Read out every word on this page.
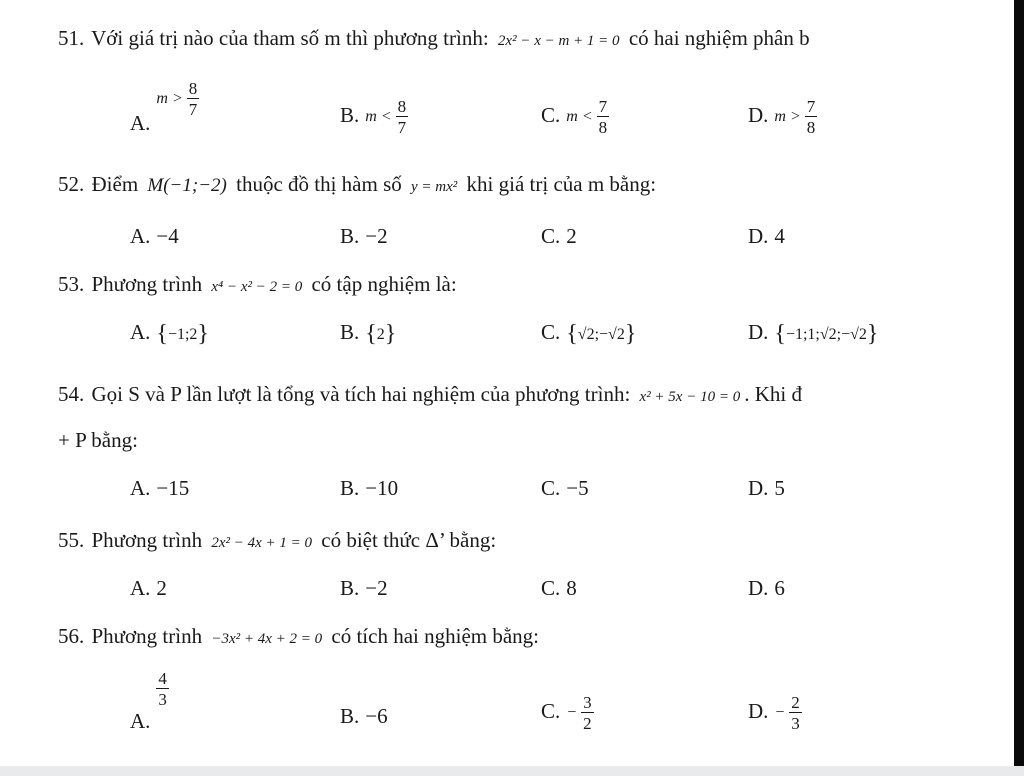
51. Với giá trị nào của tham số m thì phương trình: 2x² − x − m + 1 = 0 có hai nghiệm phân b
$A.m > \frac{8}{7}$	B. $m < \frac{8}{7}$	C. $m < \frac{7}{8}$	D. $m > \frac{7}{8}$
52. Điểm M(−1;−2) thuộc đồ thị hàm số y = mx² khi giá trị của m bằng:
A. −4	B. −2	C. 2	D. 4
53. Phương trình x⁴ − x² − 2 = 0 có tập nghiệm là:
A. {−1;2}	B. {2}	C. {√2;−√2}	D. {−1;1;√2;−√2}
54. Gọi S và P lần lượt là tổng và tích hai nghiệm của phương trình: x² + 5x − 10 = 0 . Khi đ
+ P bằng:
A. −15	B. −10	C. −5	D. 5
55. Phương trình 2x² − 4x + 1 = 0 có biệt thức Δ’ bằng:
A. 2	B. −2	C. 8	D. 6
56. Phương trình −3x² + 4x + 2 = 0 có tích hai nghiệm bằng:
A.
$\frac{4}{3}$
B. −6	C. − $\frac{3}{2}$	D. − $\frac{2}{3}$
